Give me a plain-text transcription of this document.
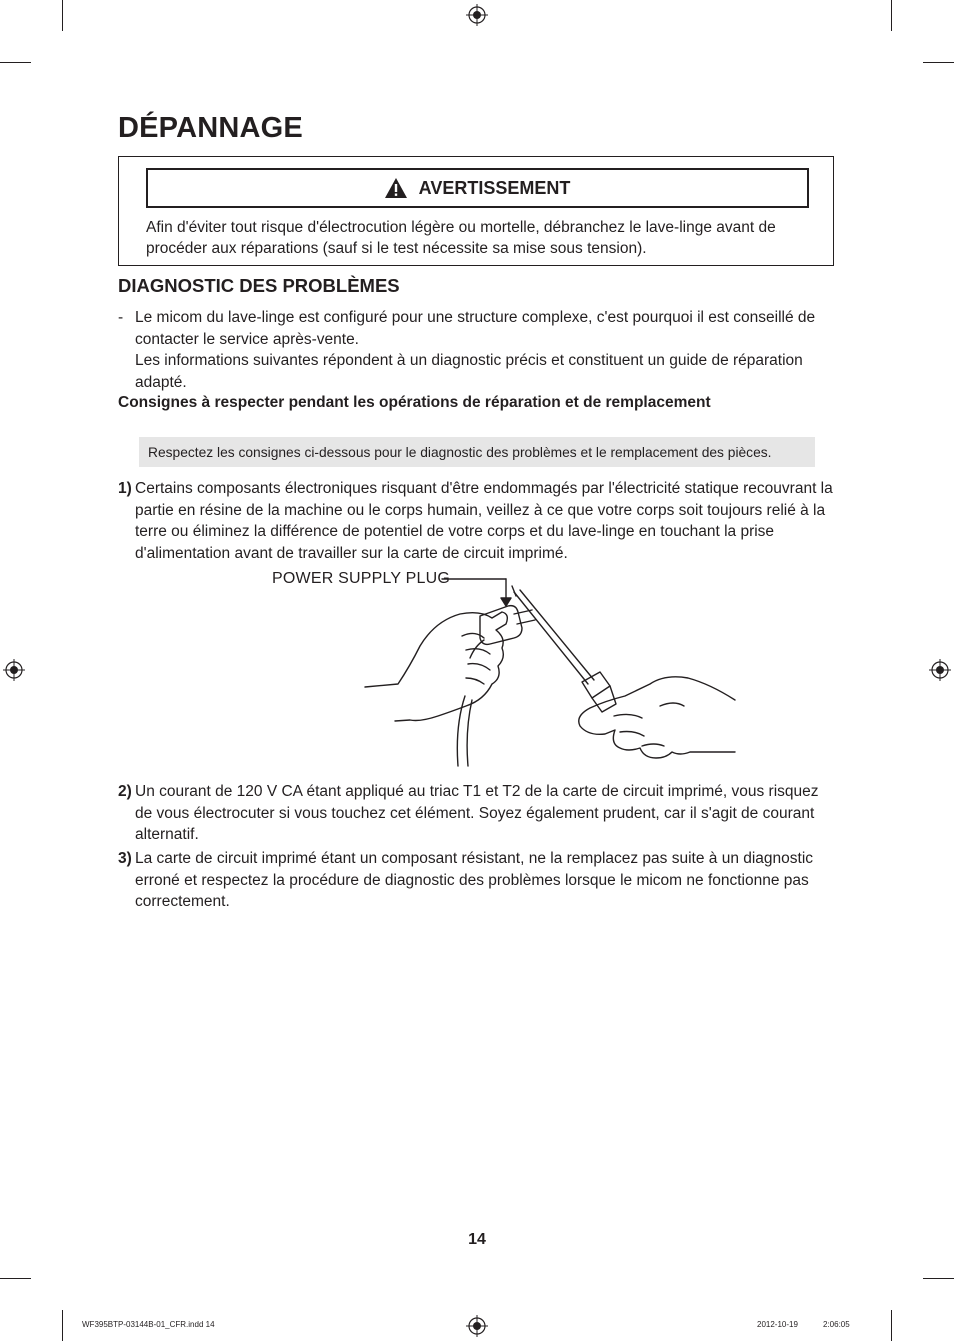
DÉPANNAGE
AVERTISSEMENT

Afin d'éviter tout risque d'électrocution légère ou mortelle, débranchez le lave-linge avant de procéder aux réparations (sauf si le test nécessite sa mise sous tension).

DIAGNOSTIC DES PROBLÈMES
- Le micom du lave-linge est configuré pour une structure complexe, c'est pourquoi il est conseillé de contacter le service après-vente.

Les informations suivantes répondent à un diagnostic précis et constituent un guide de réparation adapté.

Consignes à respecter pendant les opérations de réparation et de remplacement

Respectez les consignes ci-dessous pour le diagnostic des problèmes et le remplacement des pièces.
1) Certains composants électroniques risquant d'être endommagés par l'électricité statique recouvrant la partie en résine de la machine ou le corps humain, veillez à ce que votre corps soit toujours relié à la terre ou éliminez la différence de potentiel de votre corps et du lave-linge en touchant la prise d'alimentation avant de travailler sur la carte de circuit imprimé.
POWER SUPPLY PLUG
2) Un courant de 120 V CA étant appliqué au triac T1 et T2 de la carte de circuit imprimé, vous risquez de vous électrocuter si vous touchez cet élément. Soyez également prudent, car il s'agit de courant alternatif.
3) La carte de circuit imprimé étant un composant résistant, ne la remplacez pas suite à un diagnostic erroné et respectez la procédure de diagnostic des problèmes lorsque le micom ne fonctionne pas correctement.
14
WF395BTP-03144B-01_CFR.indd 14	2012-10-19	2:06:05
